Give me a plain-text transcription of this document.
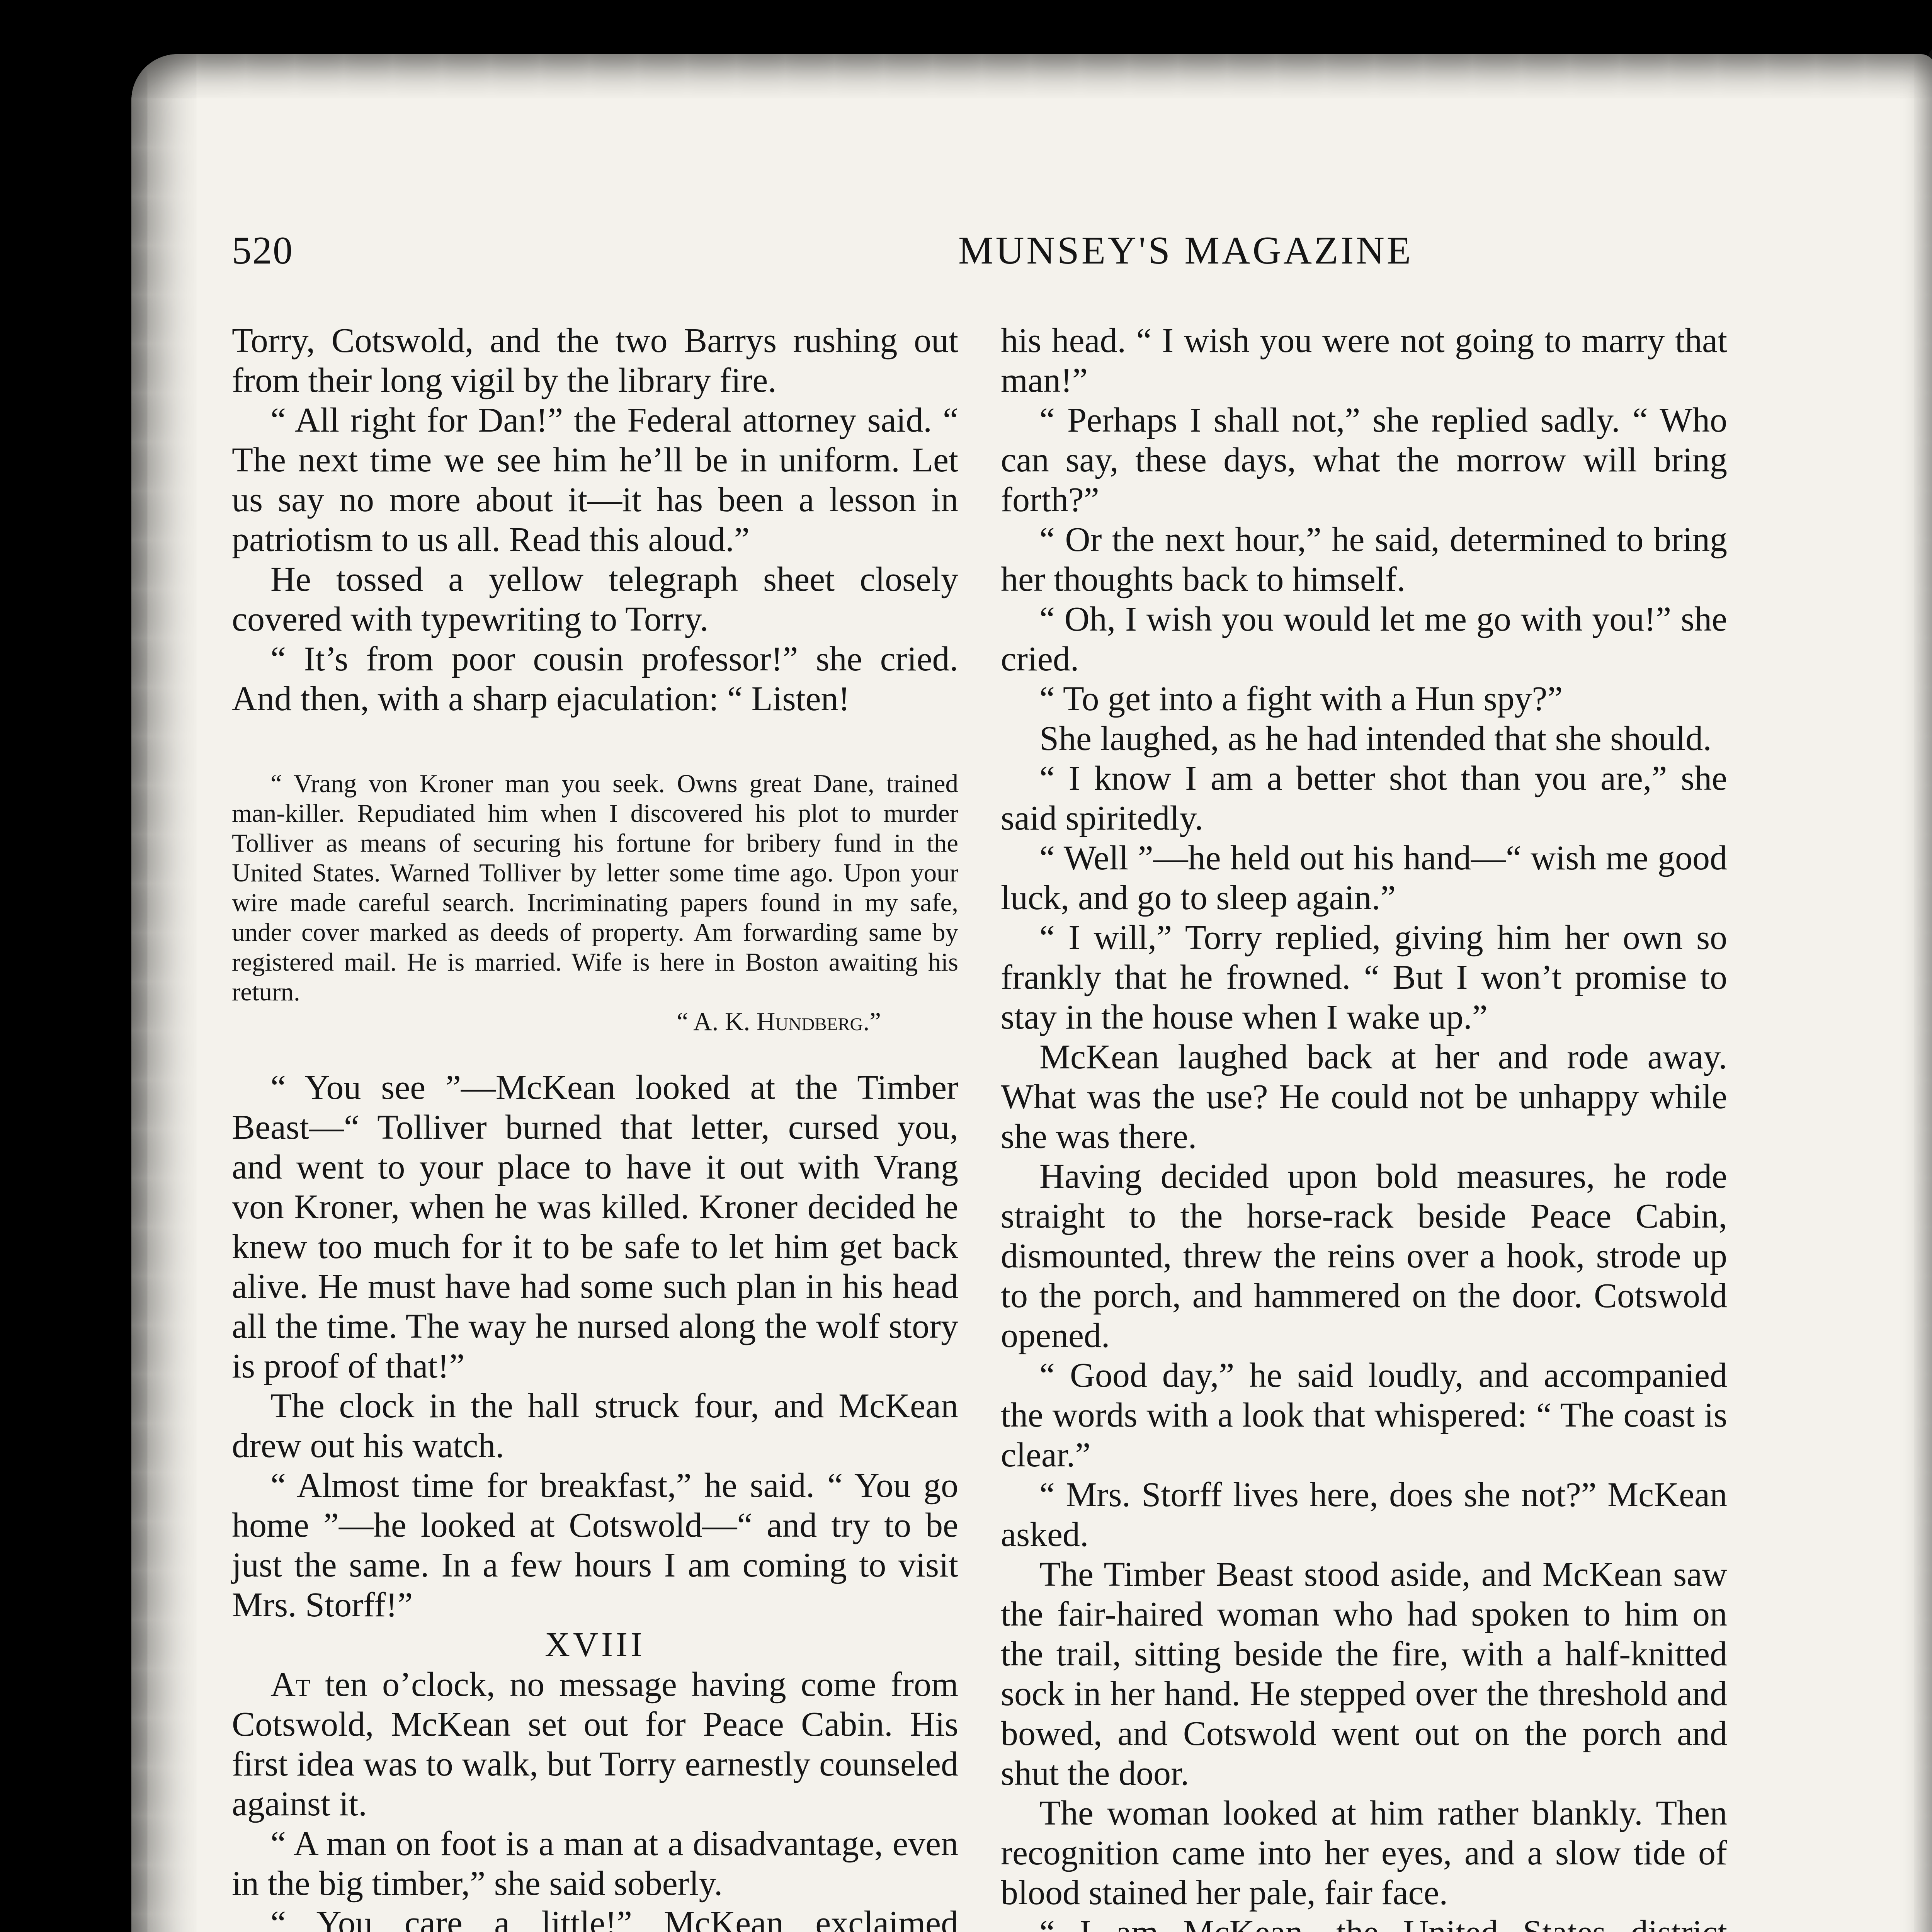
520	MUNSEY'S MAGAZINE

Torry, Cotswold, and the two Barrys rushing out from their long vigil by the library fire.

“ All right for Dan!” the Federal attorney said. “ The next time we see him he’ll be in uniform. Let us say no more about it—it has been a lesson in patriotism to us all. Read this aloud.”

He tossed a yellow telegraph sheet closely covered with typewriting to Torry.

“ It’s from poor cousin professor!” she cried. And then, with a sharp ejaculation: “ Listen!

“ Vrang von Kroner man you seek. Owns great Dane, trained man-killer. Repudiated him when I discovered his plot to murder Tolliver as means of securing his fortune for bribery fund in the United States. Warned Tolliver by letter some time ago. Upon your wire made careful search. Incriminating papers found in my safe, under cover marked as deeds of property. Am forwarding same by registered mail. He is married. Wife is here in Boston awaiting his return.

“ A. K. Hundberg.”

“ You see ”—McKean looked at the Timber Beast—“ Tolliver burned that letter, cursed you, and went to your place to have it out with Vrang von Kroner, when he was killed. Kroner decided he knew too much for it to be safe to let him get back alive. He must have had some such plan in his head all the time. The way he nursed along the wolf story is proof of that!”

The clock in the hall struck four, and McKean drew out his watch.

“ Almost time for breakfast,” he said. “ You go home ”—he looked at Cotswold—“ and try to be just the same. In a few hours I am coming to visit Mrs. Storff!”

XVIII

At ten o’clock, no message having come from Cotswold, McKean set out for Peace Cabin. His first idea was to walk, but Torry earnestly counseled against it.

“ A man on foot is a man at a disadvantage, even in the big timber,” she said soberly.

“ You care a little!” McKean exclaimed

his head. “ I wish you were not going to marry that man!”

“ Perhaps I shall not,” she replied sadly. “ Who can say, these days, what the morrow will bring forth?”

“ Or the next hour,” he said, determined to bring her thoughts back to himself.

“ Oh, I wish you would let me go with you!” she cried.

“ To get into a fight with a Hun spy?”

She laughed, as he had intended that she should.

“ I know I am a better shot than you are,” she said spiritedly.

“ Well ”—he held out his hand—“ wish me good luck, and go to sleep again.”

“ I will,” Torry replied, giving him her own so frankly that he frowned. “ But I won’t promise to stay in the house when I wake up.”

McKean laughed back at her and rode away. What was the use? He could not be unhappy while she was there.

Having decided upon bold measures, he rode straight to the horse-rack beside Peace Cabin, dismounted, threw the reins over a hook, strode up to the porch, and hammered on the door. Cotswold opened.

“ Good day,” he said loudly, and accompanied the words with a look that whispered: “ The coast is clear.”

“ Mrs. Storff lives here, does she not?” McKean asked.

The Timber Beast stood aside, and McKean saw the fair-haired woman who had spoken to him on the trail, sitting beside the fire, with a half-knitted sock in her hand. He stepped over the threshold and bowed, and Cotswold went out on the porch and shut the door.

The woman looked at him rather blankly. Then recognition came into her eyes, and a slow tide of blood stained her pale, fair face.
